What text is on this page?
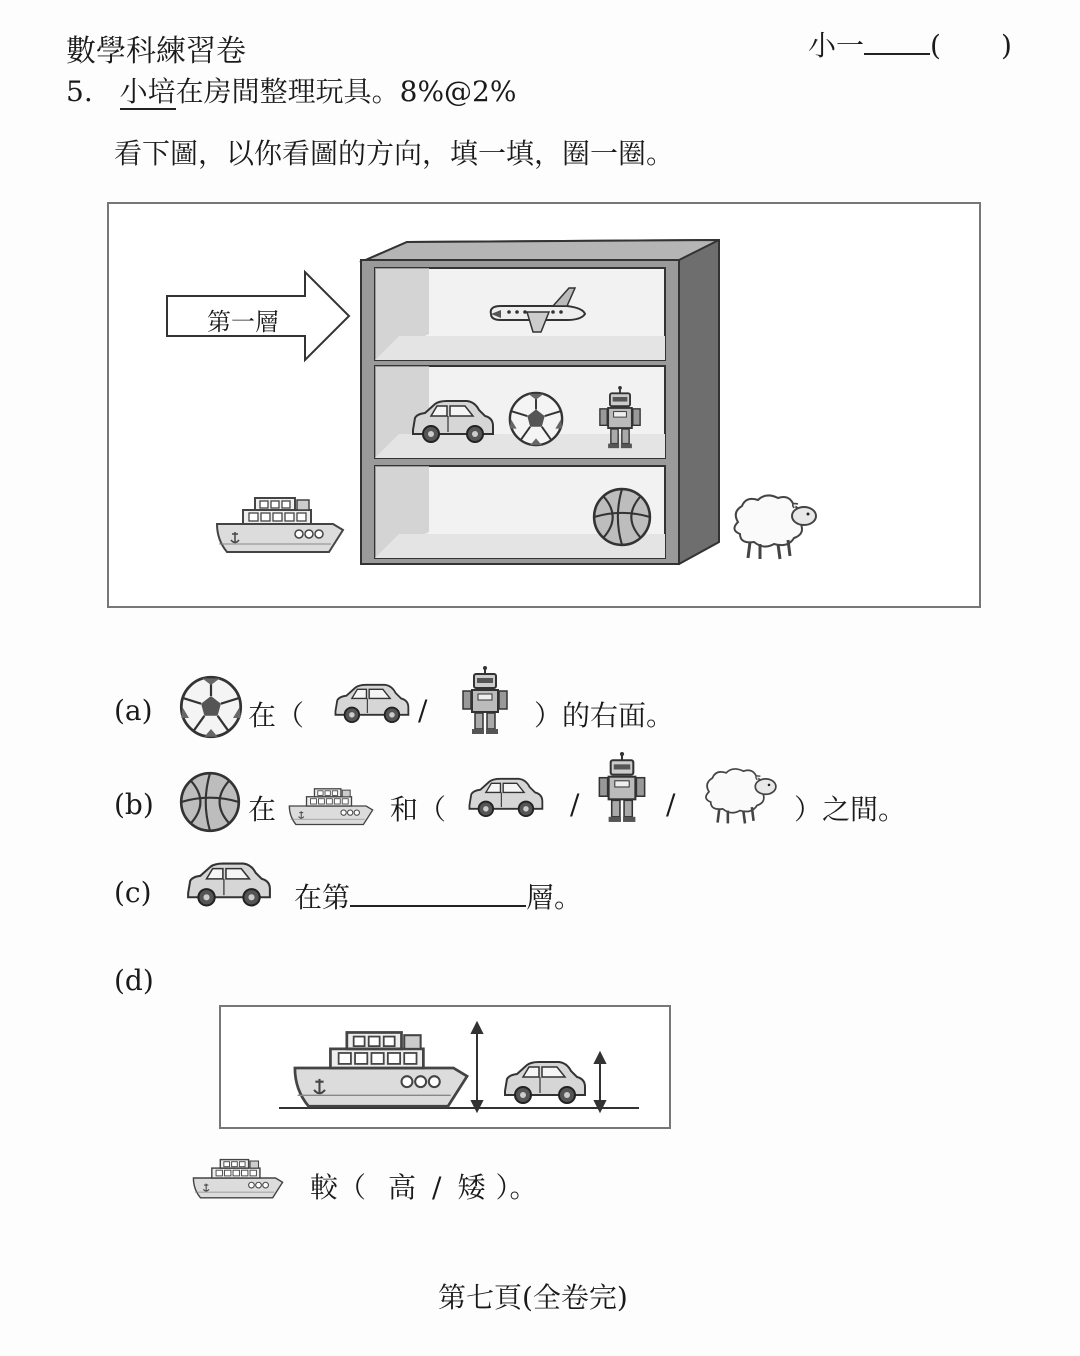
數學科練習卷	小一 ( )
5. 小培在房間整理玩具。8%@2%
看下圖，以你看圖的方向，填一填，圈一圈。
第一層
(a)	在（	/	）的右面。
(b)	在	和（	/	/	）之間。
(c)	在第	層。
(d)
較（ 高 / 矮 ）。
第七頁(全卷完)
